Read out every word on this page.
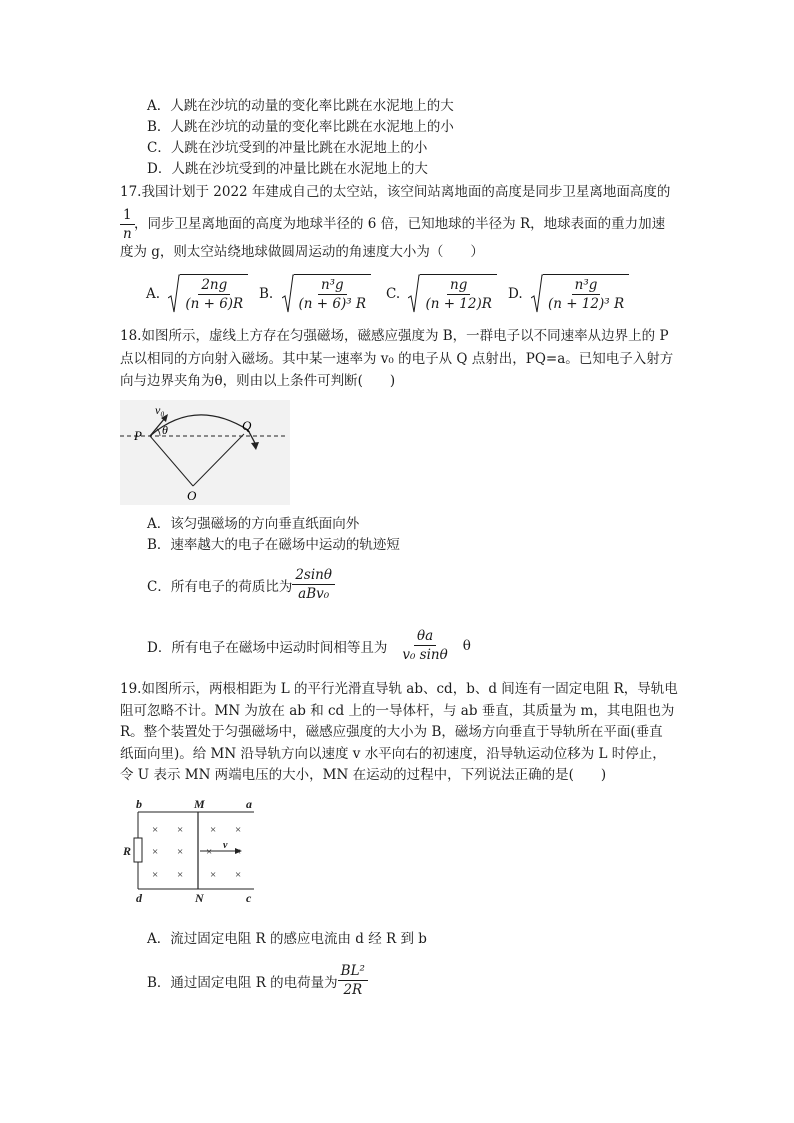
A．人跳在沙坑的动量的变化率比跳在水泥地上的大
B．人跳在沙坑的动量的变化率比跳在水泥地上的小
C．人跳在沙坑受到的冲量比跳在水泥地上的小
D．人跳在沙坑受到的冲量比跳在水泥地上的大
17.我国计划于 2022 年建成自己的太空站，该空间站离地面的高度是同步卫星离地面高度的
$\frac{1}{n}$ ，同步卫星离地面的高度为地球半径的 6 倍，已知地球的半径为 R，地球表面的重力加速
度为 g，则太空站绕地球做圆周运动的角速度大小为（　　）
A. $\frac{2ng}{(n + 6)R} B$. $\frac{\text{n³g}}{\text{(n + 6)³ R}} C$. $\frac{ng}{(n + 12)R} D$. $\frac{\text{n³g}}{\text{(n + 12)³ R}}$
18.如图所示，虚线上方存在匀强磁场，磁感应强度为 B，一群电子以不同速率从边界上的 P
点以相同的方向射入磁场。其中某一速率为 v₀ 的电子从 Q 点射出，PQ=a。已知电子入射方
向与边界夹角为θ，则由以上条件可判断(　　)
v₀
P θ	Q
O
A．该匀强磁场的方向垂直纸面向外
B．速率越大的电子在磁场中运动的轨迹短
C．所有电子的荷质比为 $\frac{2\sin\theta}{\text{aBv₀}}$
D．所有电子在磁场中运动时间相等且为 $\frac{\theta a}{\text{v₀ sinθ}}$ θ
19.如图所示，两根相距为 L 的平行光滑直导轨 ab、cd，b、d 间连有一固定电阻 R，导轨电
阻可忽略不计。MN 为放在 ab 和 cd 上的一导体杆，与 ab 垂直，其质量为 m，其电阻也为
R。整个装置处于匀强磁场中，磁感应强度的大小为 B，磁场方向垂直于导轨所在平面(垂直
纸面向里)。给 MN 沿导轨方向以速度 v 水平向右的初速度，沿导轨运动位移为 L 时停止，
令 U 表示 MN 两端电压的大小，MN 在运动的过程中，下列说法正确的是(　　)
× × × ×
× × × ×
× × × ×
b	M	a
R	v
d	N	c
A．流过固定电阻 R 的感应电流由 d 经 R 到 b
B．通过固定电阻 R 的电荷量为 $\frac{\text{BL²}}{2R}$
